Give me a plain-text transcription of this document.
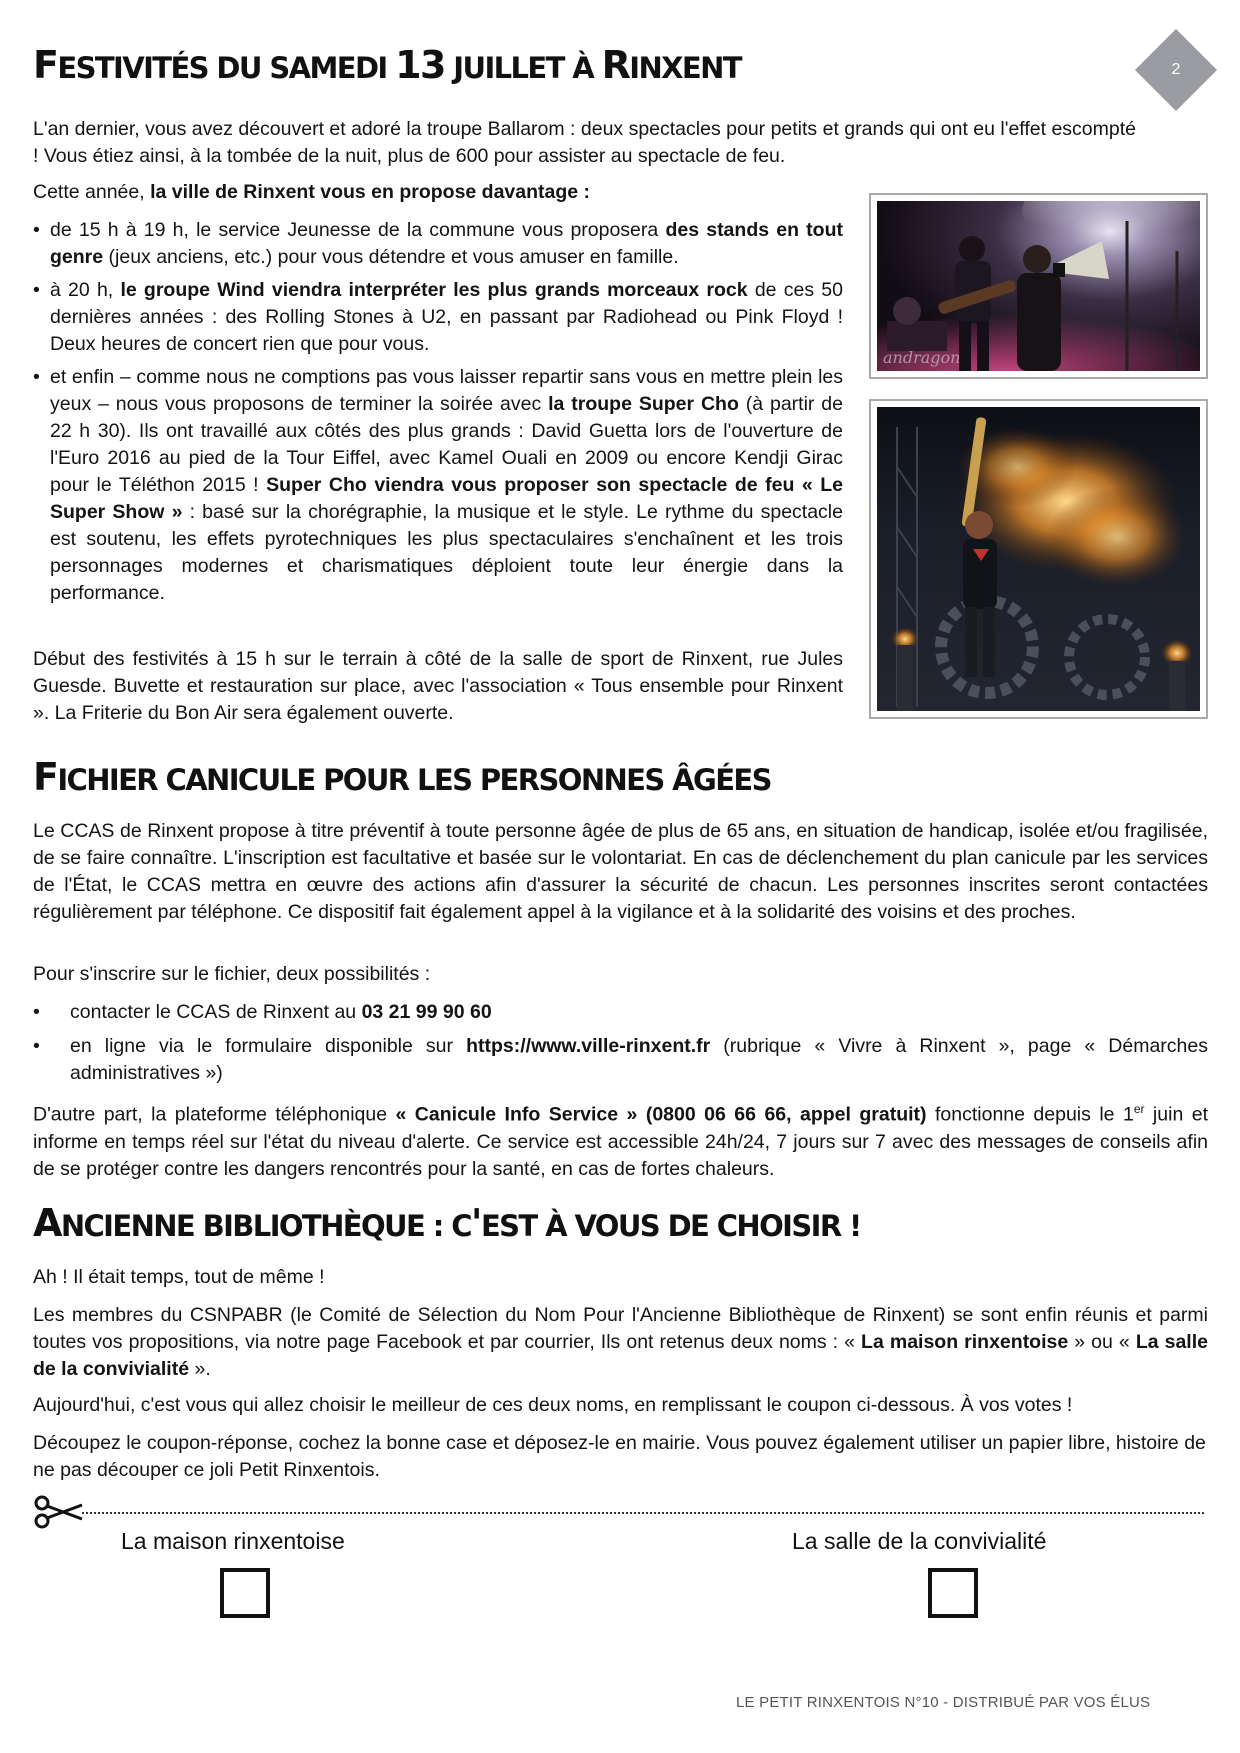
2
FESTIVITÉS DU SAMEDI 13 JUILLET À RINXENT

L'an dernier, vous avez découvert et adoré la troupe Ballarom : deux spectacles pour petits et grands qui ont eu l'effet escompté ! Vous étiez ainsi, à la tombée de la nuit, plus de 600 pour assister au spectacle de feu.

Cette année, la ville de Rinxent vous en propose davantage :

• de 15 h à 19 h, le service Jeunesse de la commune vous proposera des stands en tout genre (jeux anciens, etc.) pour vous détendre et vous amuser en famille.
• à 20 h, le groupe Wind viendra interpréter les plus grands morceaux rock de ces 50 dernières années : des Rolling Stones à U2, en passant par Radiohead ou Pink Floyd ! Deux heures de concert rien que pour vous.
• et enfin – comme nous ne comptions pas vous laisser repartir sans vous en mettre plein les yeux – nous vous proposons de terminer la soirée avec la troupe Super Cho (à partir de 22 h 30). Ils ont travaillé aux côtés des plus grands : David Guetta lors de l'ouverture de l'Euro 2016 au pied de la Tour Eiffel, avec Kamel Ouali en 2009 ou encore Kendji Girac pour le Téléthon 2015 ! Super Cho viendra vous proposer son spectacle de feu « Le Super Show » : basé sur la chorégraphie, la musique et le style. Le rythme du spectacle est soutenu, les effets pyrotechniques les plus spectaculaires s'enchaînent et les trois personnages modernes et charismatiques déploient toute leur énergie dans la performance.

Début des festivités à 15 h sur le terrain à côté de la salle de sport de Rinxent, rue Jules Guesde. Buvette et restauration sur place, avec l'association « Tous ensemble pour Rinxent ». La Friterie du Bon Air sera également ouverte.

andragon
FICHIER CANICULE POUR LES PERSONNES ÂGÉES

Le CCAS de Rinxent propose à titre préventif à toute personne âgée de plus de 65 ans, en situation de handicap, isolée et/ou fragilisée, de se faire connaître. L'inscription est facultative et basée sur le volontariat. En cas de déclenchement du plan canicule par les services de l'État, le CCAS mettra en œuvre des actions afin d'assurer la sécurité de chacun. Les personnes inscrites seront contactées régulièrement par téléphone. Ce dispositif fait également appel à la vigilance et à la solidarité des voisins et des proches.

Pour s'inscrire sur le fichier, deux possibilités :

• contacter le CCAS de Rinxent au 03 21 99 90 60
• en ligne via le formulaire disponible sur https://www.ville-rinxent.fr (rubrique « Vivre à Rinxent », page « Démarches administratives »)

D'autre part, la plateforme téléphonique « Canicule Info Service » (0800 06 66 66, appel gratuit) fonctionne depuis le 1er juin et informe en temps réel sur l'état du niveau d'alerte. Ce service est accessible 24h/24, 7 jours sur 7 avec des messages de conseils afin de se protéger contre les dangers rencontrés pour la santé, en cas de fortes chaleurs.

ANCIENNE BIBLIOTHÈQUE : C'EST À VOUS DE CHOISIR !

Ah ! Il était temps, tout de même !

Les membres du CSNPABR (le Comité de Sélection du Nom Pour l'Ancienne Bibliothèque de Rinxent) se sont enfin réunis et parmi toutes vos propositions, via notre page Facebook et par courrier, Ils ont retenus deux noms : « La maison rinxentoise » ou « La salle de la convivialité ».

Aujourd'hui, c'est vous qui allez choisir le meilleur de ces deux noms, en remplissant le coupon ci-dessous. À vos votes !

Découpez le coupon-réponse, cochez la bonne case et déposez-le en mairie. Vous pouvez également utiliser un papier libre, histoire de ne pas découper ce joli Petit Rinxentois.

La maison rinxentoise	La salle de la convivialité
LE PETIT RINXENTOIS N°10 - DISTRIBUÉ PAR VOS ÉLUS
